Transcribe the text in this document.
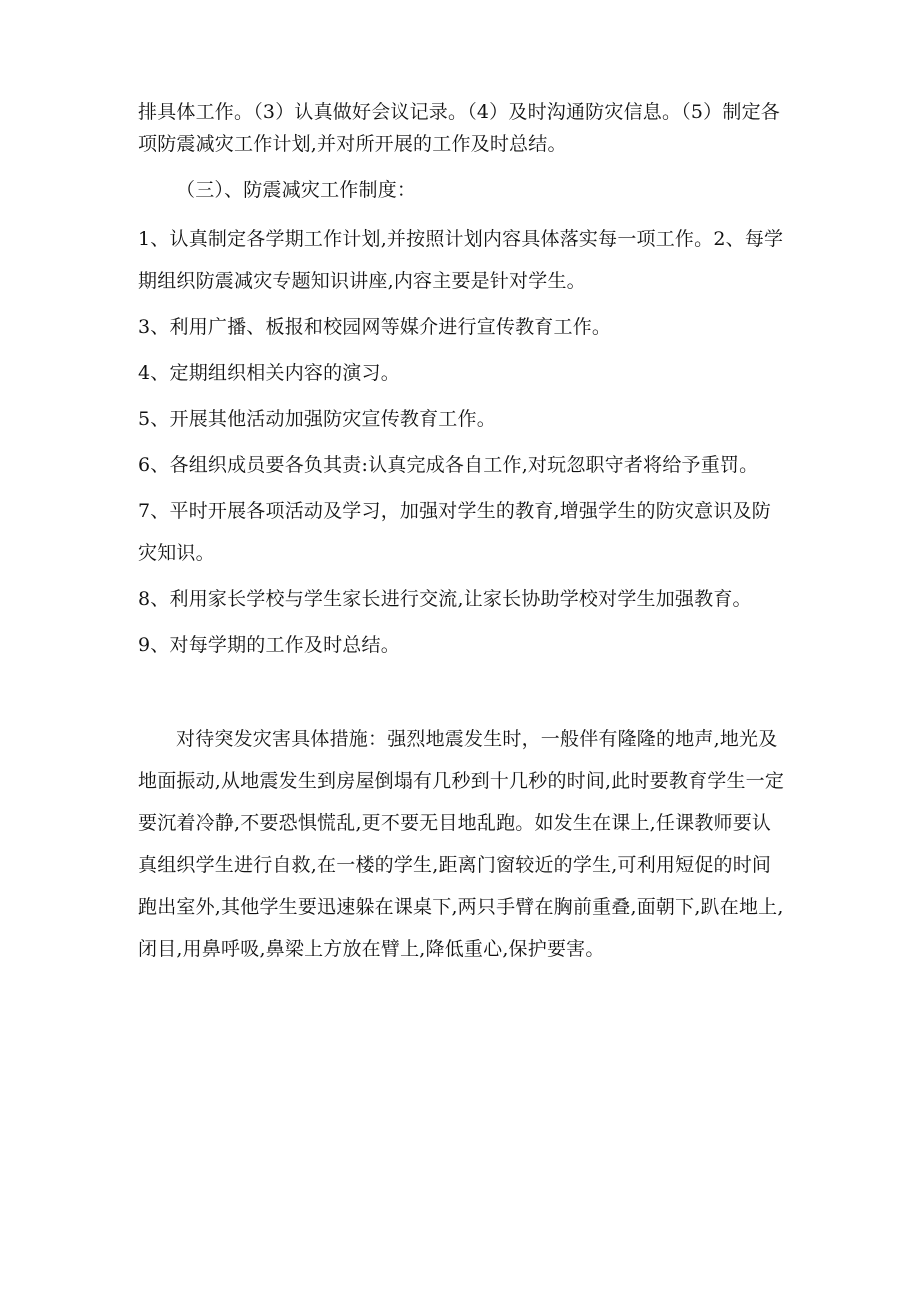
排具体工作。（3）认真做好会议记录。（4）及时沟通防灾信息。（5）制定各项防震减灾工作计划,并对所开展的工作及时总结。

（三）、防震减灾工作制度：

1、认真制定各学期工作计划,并按照计划内容具体落实每一项工作。2、每学期组织防震减灾专题知识讲座,内容主要是针对学生。

3、利用广播、板报和校园网等媒介进行宣传教育工作。

4、定期组织相关内容的演习。

5、开展其他活动加强防灾宣传教育工作。

6、各组织成员要各负其责:认真完成各自工作,对玩忽职守者将给予重罚。

7、平时开展各项活动及学习，加强对学生的教育,增强学生的防灾意识及防灾知识。

8、利用家长学校与学生家长进行交流,让家长协助学校对学生加强教育。

9、对每学期的工作及时总结。

对待突发灾害具体措施：强烈地震发生时，一般伴有隆隆的地声,地光及地面振动,从地震发生到房屋倒塌有几秒到十几秒的时间,此时要教育学生一定要沉着冷静,不要恐惧慌乱,更不要无目地乱跑。如发生在课上,任课教师要认真组织学生进行自救,在一楼的学生,距离门窗较近的学生,可利用短促的时间跑出室外,其他学生要迅速躲在课桌下,两只手臂在胸前重叠,面朝下,趴在地上,闭目,用鼻呼吸,鼻梁上方放在臂上,降低重心,保护要害。
